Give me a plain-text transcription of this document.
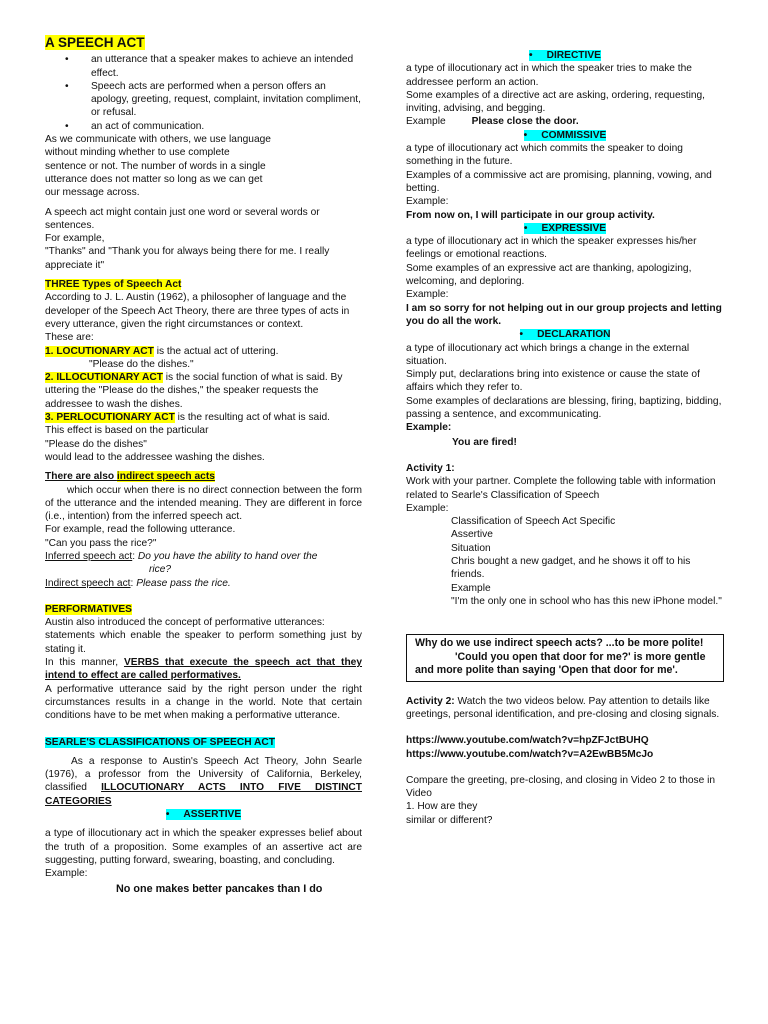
A SPEECH ACT
• an utterance that a speaker makes to achieve an intended effect.
• Speech acts are performed when a person offers an apology, greeting, request, complaint, invitation compliment, or refusal.
• an act of communication.

As we communicate with others, we use language

without minding whether to use complete

sentence or not. The number of words in a single

utterance does not matter so long as we can get

our message across.

A speech act might contain just one word or several words or sentences.

For example,

"Thanks" and "Thank you for always being there for me. I really appreciate it"

THREE Types of Speech Act

According to J. L. Austin (1962), a philosopher of language and the developer of the Speech Act Theory, there are three types of acts in every utterance, given the right circumstances or context.

These are:

1. LOCUTIONARY ACT is the actual act of uttering.

"Please do the dishes."

2. ILLOCUTIONARY ACT is the social function of what is said. By uttering the "Please do the dishes," the speaker requests the addressee to wash the dishes.

3. PERLOCUTIONARY ACT is the resulting act of what is said.

This effect is based on the particular

"Please do the dishes"

would lead to the addressee washing the dishes.

There are also indirect speech acts

which occur when there is no direct connection between the form of the utterance and the intended meaning. They are different in force (i.e., intention) from the inferred speech act.

For example, read the following utterance.

"Can you pass the rice?"

Inferred speech act: Do you have the ability to hand over the

rice?

Indirect speech act: Please pass the rice.

PERFORMATIVES

Austin also introduced the concept of performative utterances:

statements which enable the speaker to perform something just by stating it.

In this manner, VERBS that execute the speech act that they intend to effect are called performatives.

A performative utterance said by the right person under the right circumstances results in a change in the world. Note that certain conditions have to be met when making a performative utterance.

SEARLE'S CLASSIFICATIONS OF SPEECH ACT

As a response to Austin's Speech Act Theory, John Searle (1976), a professor from the University of California, Berkeley, classified ILLOCUTIONARY ACTS INTO FIVE DISTINCT CATEGORIES

• ASSERTIVE

a type of illocutionary act in which the speaker expresses belief about the truth of a proposition. Some examples of an assertive act are suggesting, putting forward, swearing, boasting, and concluding.

Example:

No one makes better pancakes than I do

• DIRECTIVE

a type of illocutionary act in which the speaker tries to make the addressee perform an action.

Some examples of a directive act are asking, ordering, requesting, inviting, advising, and begging.

Example	Please close the door.

• COMMISSIVE

a type of illocutionary act which commits the speaker to doing something in the future.

Examples of a commissive act are promising, planning, vowing, and betting.

Example:

From now on, I will participate in our group activity.

• EXPRESSIVE

a type of illocutionary act in which the speaker expresses his/her feelings or emotional reactions.

Some examples of an expressive act are thanking, apologizing, welcoming, and deploring.

Example:

I am so sorry for not helping out in our group projects and letting you do all the work.

• DECLARATION

a type of illocutionary act which brings a change in the external situation.

Simply put, declarations bring into existence or cause the state of affairs which they refer to.

Some examples of declarations are blessing, firing, baptizing, bidding, passing a sentence, and excommunicating.

Example:

You are fired!

Activity 1:

Work with your partner. Complete the following table with information related to Searle's Classification of Speech

Example:

Classification of Speech Act Specific

Assertive

Situation

Chris bought a new gadget, and he shows it off to his friends.

Example

"I'm the only one in school who has this new iPhone model."

Why do we use indirect speech acts? ...to be more polite!

'Could you open that door for me?' is more gentle and more polite than saying 'Open that door for me'.

Activity 2: Watch the two videos below. Pay attention to details like greetings, personal identification, and pre-closing and closing signals.

https://www.youtube.com/watch?v=hpZFJctBUHQ

https://www.youtube.com/watch?v=A2EwBB5McJo

Compare the greeting, pre-closing, and closing in Video 2 to those in Video

1. How are they

similar or different?
